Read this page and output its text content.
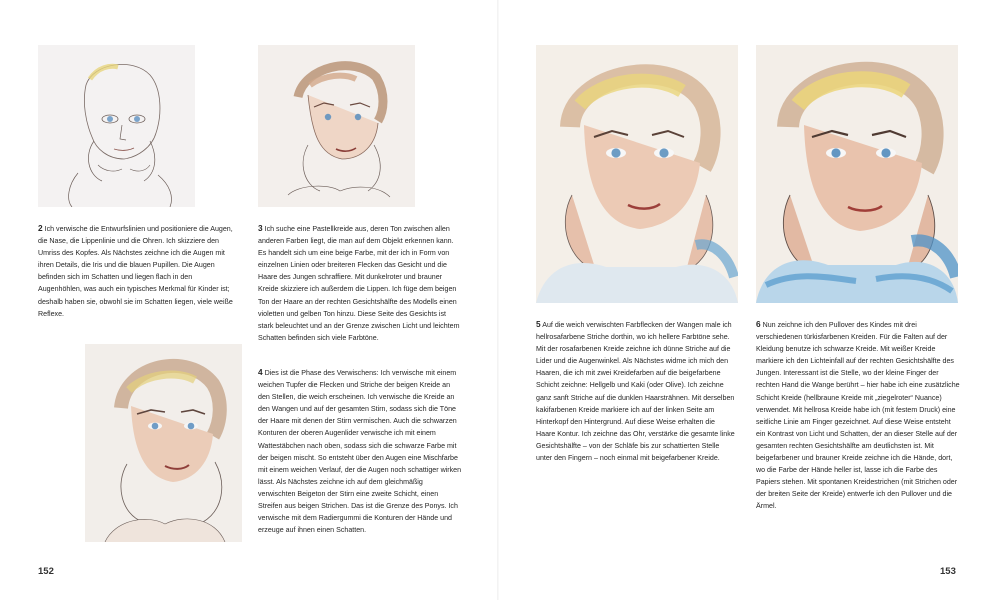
2 Ich verwische die Entwurfslinien und positioniere die Augen, die Nase, die Lippenlinie und die Ohren. Ich skizziere den Umriss des Kopfes. Als Nächstes zeichne ich die Augen mit ihren Details, die Iris und die blauen Pupillen. Die Augen befinden sich im Schatten und liegen flach in den Augenhöhlen, was auch ein typisches Merkmal für Kinder ist; deshalb haben sie, obwohl sie im Schatten liegen, viele weiße Reflexe.
3 Ich suche eine Pastellkreide aus, deren Ton zwischen allen anderen Farben liegt, die man auf dem Objekt erkennen kann. Es handelt sich um eine beige Farbe, mit der ich in Form von einzelnen Linien oder breiteren Flecken das Gesicht und die Haare des Jungen schraffiere. Mit dunkelroter und brauner Kreide skizziere ich außerdem die Lippen. Ich füge dem beigen Ton der Haare an der rechten Gesichtshälfte des Modells einen violetten und gelben Ton hinzu. Diese Seite des Gesichts ist stark beleuchtet und an der Grenze zwischen Licht und leichtem Schatten befinden sich viele Farbtöne.
4 Dies ist die Phase des Verwischens: Ich verwische mit einem weichen Tupfer die Flecken und Striche der beigen Kreide an den Stellen, die weich erscheinen. Ich verwische die Kreide an den Wangen und auf der gesamten Stirn, sodass sich die Töne der Haare mit denen der Stirn vermischen. Auch die schwarzen Konturen der oberen Augenlider verwische ich mit einem Wattestäbchen nach oben, sodass sich die schwarze Farbe mit der beigen mischt. So entsteht über den Augen eine Mischfarbe mit einem weichen Verlauf, der die Augen noch schattiger wirken lässt. Als Nächstes zeichne ich auf dem gleichmäßig verwischten Beigeton der Stirn eine zweite Schicht, einen Streifen aus beigen Strichen. Das ist die Grenze des Ponys. Ich verwische mit dem Radiergummi die Konturen der Hände und erzeuge auf ihnen einen Schatten.
5 Auf die weich verwischten Farbflecken der Wangen male ich hellrosafarbene Striche dorthin, wo ich hellere Farbtöne sehe. Mit der rosafarbenen Kreide zeichne ich dünne Striche auf die Lider und die Augenwinkel. Als Nächstes widme ich mich den Haaren, die ich mit zwei Kreidefarben auf die beigefarbene Schicht zeichne: Hellgelb und Kaki (oder Olive). Ich zeichne ganz sanft Striche auf die dunklen Haarsträhnen. Mit derselben kakifarbenen Kreide markiere ich auf der linken Seite am Hinterkopf den Hintergrund. Auf diese Weise erhalten die Haare Kontur. Ich zeichne das Ohr, verstärke die gesamte linke Gesichtshälfte – von der Schläfe bis zur schattierten Stelle unter den Fingern – noch einmal mit beigefarbener Kreide.
6 Nun zeichne ich den Pullover des Kindes mit drei verschiedenen türkisfarbenen Kreiden. Für die Falten auf der Kleidung benutze ich schwarze Kreide. Mit weißer Kreide markiere ich den Lichteinfall auf der rechten Gesichtshälfte des Jungen. Interessant ist die Stelle, wo der kleine Finger der rechten Hand die Wange berührt – hier habe ich eine zusätzliche Schicht Kreide (hellbraune Kreide mit „ziegelroter“ Nuance) verwendet. Mit hellrosa Kreide habe ich (mit festem Druck) eine seitliche Linie am Finger gezeichnet. Auf diese Weise entsteht ein Kontrast von Licht und Schatten, der an dieser Stelle auf der gesamten rechten Gesichtshälfte am deutlichsten ist. Mit beigefarbener und brauner Kreide zeichne ich die Hände, dort, wo die Farbe der Hände heller ist, lasse ich die Farbe des Papiers stehen. Mit spontanen Kreidestrichen (mit Strichen oder der breiten Seite der Kreide) entwerfe ich den Pullover und die Ärmel.
152	153
